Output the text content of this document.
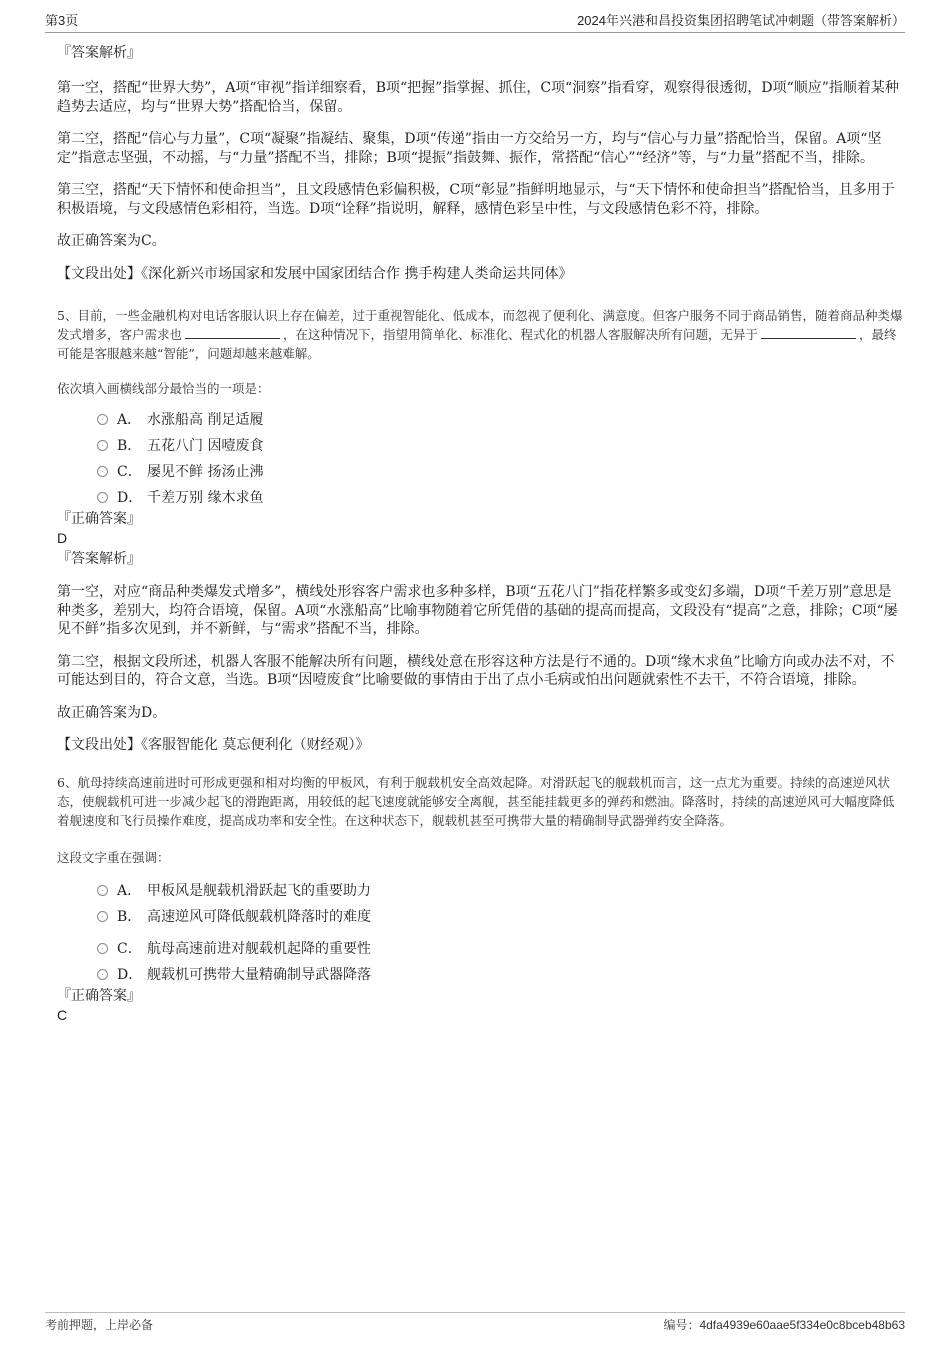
第3页	2024年兴港和昌投资集团招聘笔试冲刺题（带答案解析）

『答案解析』

第一空，搭配“世界大势”，A项“审视”指详细察看，B项“把握”指掌握、抓住，C项“洞察”指看穿，观察得很透彻，D项“顺应”指顺着某种趋势去适应，均与“世界大势”搭配恰当，保留。

第二空，搭配“信心与力量”，C项“凝聚”指凝结、聚集，D项“传递”指由一方交给另一方，均与“信心与力量”搭配恰当，保留。A项“坚定”指意志坚强，不动摇，与“力量”搭配不当，排除；B项“提振”指鼓舞、振作，常搭配“信心”“经济”等，与“力量”搭配不当，排除。

第三空，搭配“天下情怀和使命担当”，且文段感情色彩偏积极，C项“彰显”指鲜明地显示，与“天下情怀和使命担当”搭配恰当，且多用于积极语境，与文段感情色彩相符，当选。D项“诠释”指说明，解释，感情色彩呈中性，与文段感情色彩不符，排除。

故正确答案为C。

【文段出处】《深化新兴市场国家和发展中国家团结合作 携手构建人类命运共同体》

5、目前，一些金融机构对电话客服认识上存在偏差，过于重视智能化、低成本，而忽视了便利化、满意度。但客户服务不同于商品销售，随着商品种类爆发式增多，客户需求也	，在这种情况下，指望用简单化、标准化、程式化的机器人客服解决所有问题，无异于	，最终可能是客服越来越“智能”，问题却越来越难解。

依次填入画横线部分最恰当的一项是：

A． 水涨船高 削足适履
B． 五花八门 因噎废食
C． 屡见不鲜 扬汤止沸
D． 千差万别 缘木求鱼

『正确答案』

D

『答案解析』

第一空，对应“商品种类爆发式增多”，横线处形容客户需求也多种多样，B项“五花八门”指花样繁多或变幻多端，D项“千差万别”意思是种类多，差别大，均符合语境，保留。A项“水涨船高”比喻事物随着它所凭借的基础的提高而提高，文段没有“提高”之意，排除；C项“屡见不鲜”指多次见到，并不新鲜，与“需求”搭配不当，排除。

第二空，根据文段所述，机器人客服不能解决所有问题，横线处意在形容这种方法是行不通的。D项“缘木求鱼”比喻方向或办法不对，不可能达到目的，符合文意，当选。B项“因噎废食”比喻要做的事情由于出了点小毛病或怕出问题就索性不去干，不符合语境，排除。

故正确答案为D。

【文段出处】《客服智能化 莫忘便利化（财经观）》

6、航母持续高速前进时可形成更强和相对均衡的甲板风，有利于舰载机安全高效起降。对滑跃起飞的舰载机而言，这一点尤为重要。持续的高速逆风状态，使舰载机可进一步减少起飞的滑跑距离，用较低的起飞速度就能够安全离舰，甚至能挂载更多的弹药和燃油。降落时，持续的高速逆风可大幅度降低着舰速度和飞行员操作难度，提高成功率和安全性。在这种状态下，舰载机甚至可携带大量的精确制导武器弹药安全降落。

这段文字重在强调：

A． 甲板风是舰载机滑跃起飞的重要助力
B． 高速逆风可降低舰载机降落时的难度
C． 航母高速前进对舰载机起降的重要性
D． 舰载机可携带大量精确制导武器降落

『正确答案』

C

考前押题，上岸必备	编号：4dfa4939e60aae5f334e0c8bceb48b63
